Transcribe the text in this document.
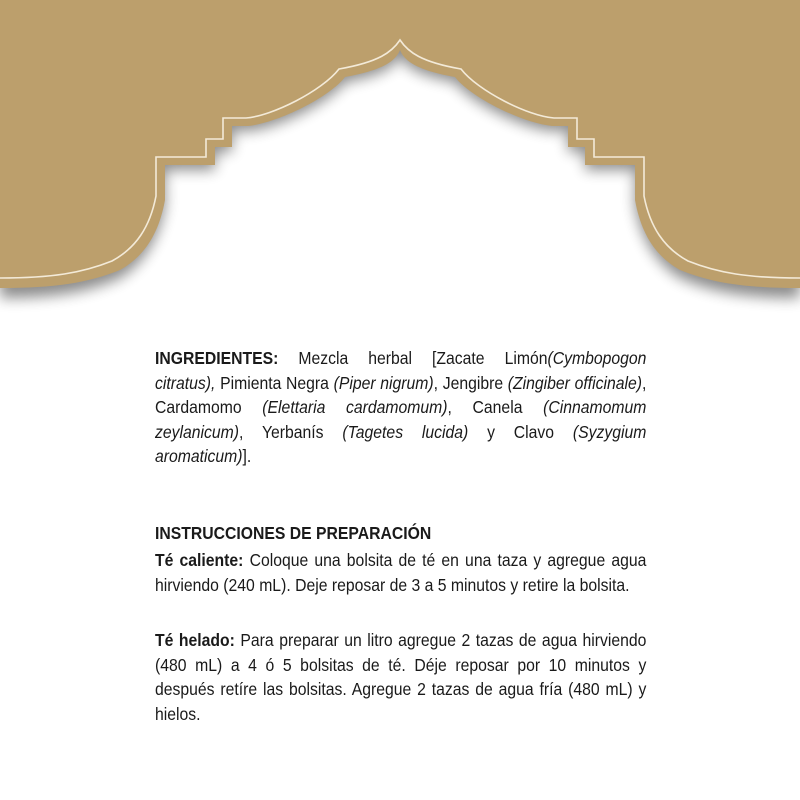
INGREDIENTES: Mezcla herbal [Zacate Limón(Cymbopogon citratus), Pimienta Negra (Piper nigrum), Jengibre (Zingiber officinale), Cardamomo (Elettaria cardamomum), Canela (Cinnamomum zeylanicum), Yerbanís (Tagetes lucida) y Clavo (Syzygium aromaticum)].

INSTRUCCIONES DE PREPARACIÓN

Té caliente: Coloque una bolsita de té en una taza y agregue agua hirviendo (240 mL). Deje reposar de 3 a 5 minutos y retire la bolsita.

Té helado: Para preparar un litro agregue 2 tazas de agua hirviendo (480 mL) a 4 ó 5 bolsitas de té. Déje reposar por 10 minutos y después retíre las bolsitas. Agregue 2 tazas de agua fría (480 mL) y hielos.
